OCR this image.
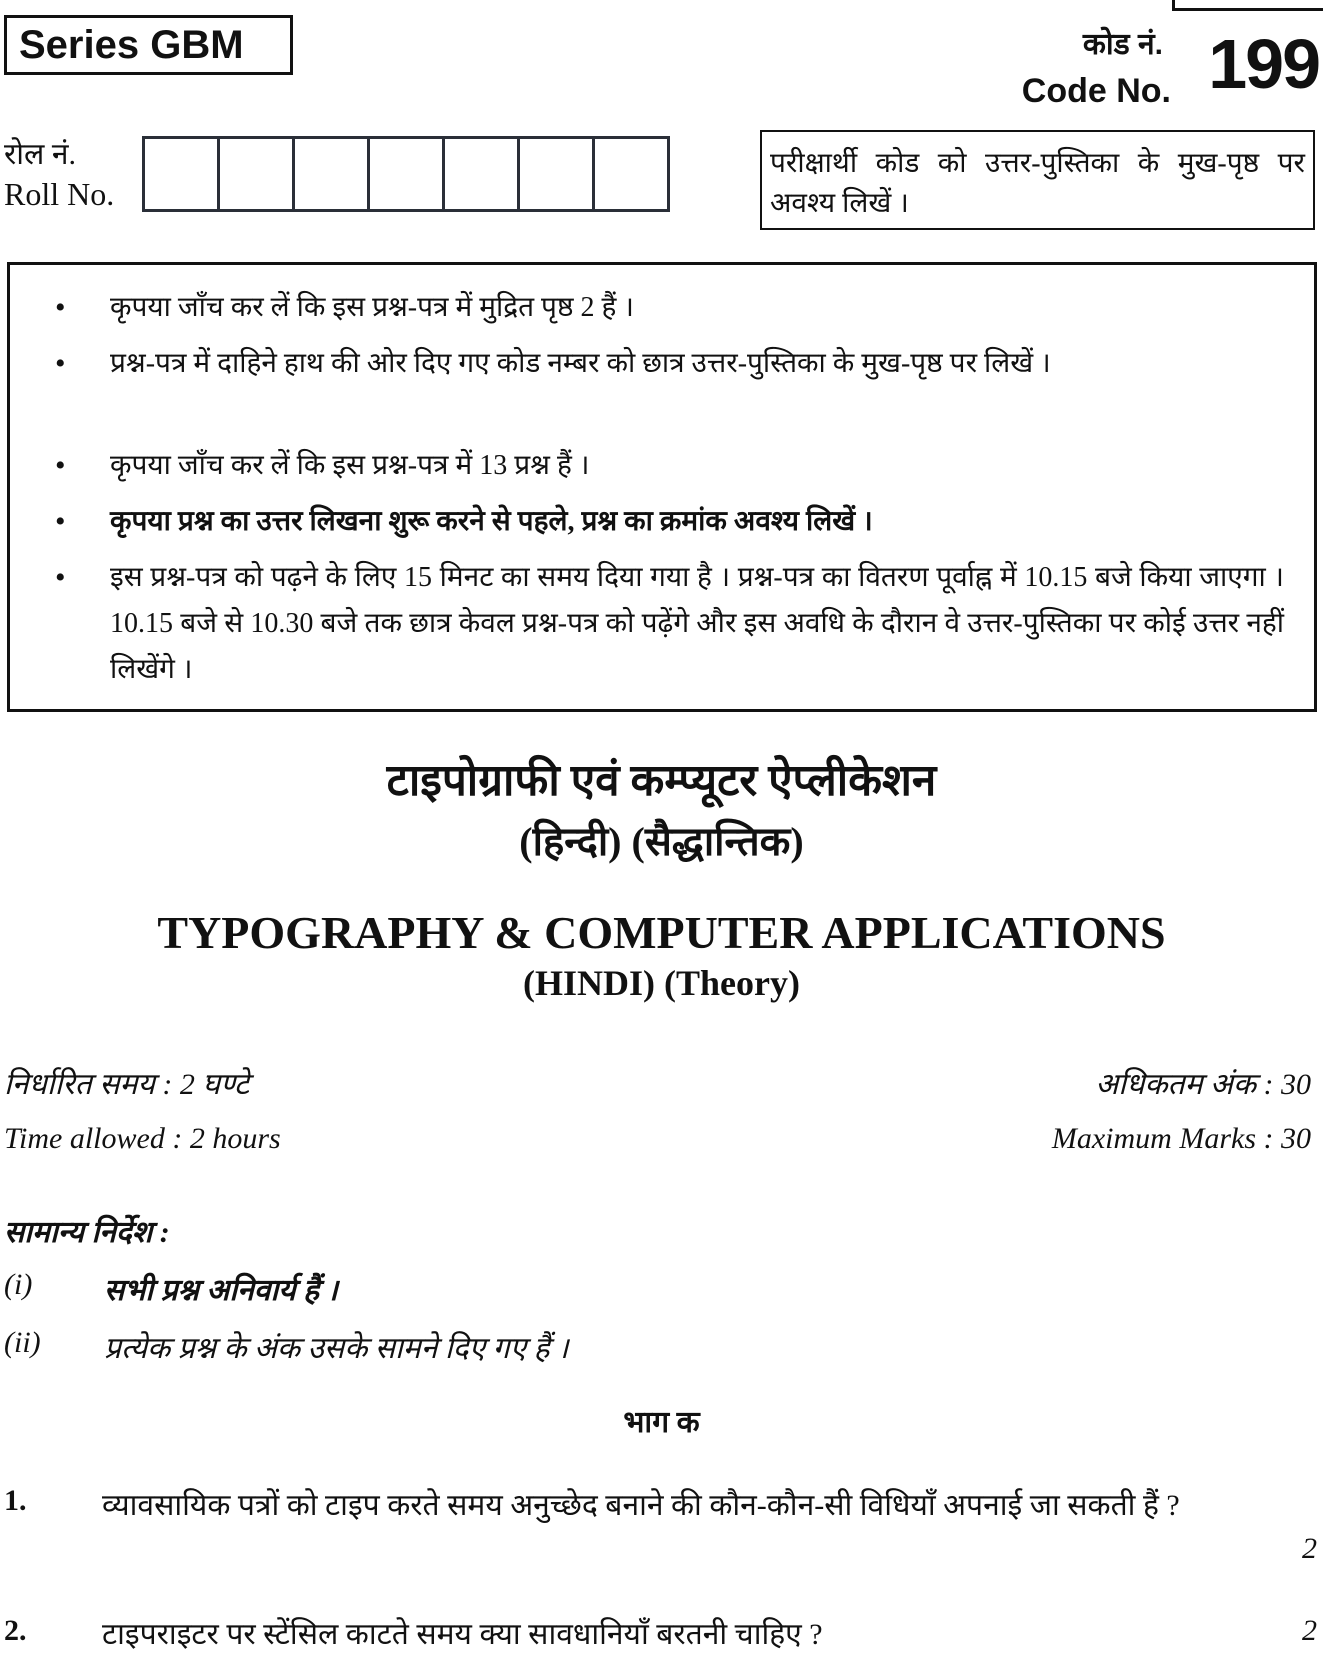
Series GBM	कोड नं.
Code No. 199
रोल नं.
Roll No.
परीक्षार्थी कोड को उत्तर-पुस्तिका के मुख-पृष्ठ पर अवश्य लिखें ।
• कृपया जाँच कर लें कि इस प्रश्न-पत्र में मुद्रित पृष्ठ 2 हैं ।
• प्रश्न-पत्र में दाहिने हाथ की ओर दिए गए कोड नम्बर को छात्र उत्तर-पुस्तिका के मुख-पृष्ठ पर लिखें ।
• कृपया जाँच कर लें कि इस प्रश्न-पत्र में 13 प्रश्न हैं ।
• कृपया प्रश्न का उत्तर लिखना शुरू करने से पहले, प्रश्न का क्रमांक अवश्य लिखें ।
• इस प्रश्न-पत्र को पढ़ने के लिए 15 मिनट का समय दिया गया है । प्रश्न-पत्र का वितरण पूर्वाह्न में 10.15 बजे किया जाएगा । 10.15 बजे से 10.30 बजे तक छात्र केवल प्रश्न-पत्र को पढ़ेंगे और इस अवधि के दौरान वे उत्तर-पुस्तिका पर कोई उत्तर नहीं लिखेंगे ।
टाइपोग्राफी एवं कम्प्यूटर ऐप्लीकेशन
(हिन्दी) (सैद्धान्तिक)
TYPOGRAPHY & COMPUTER APPLICATIONS
(HINDI) (Theory)
निर्धारित समय : 2 घण्टे	अधिकतम अंक : 30
Time allowed : 2 hours	Maximum Marks : 30
सामान्य निर्देश :
(i) सभी प्रश्न अनिवार्य हैं ।
(ii) प्रत्येक प्रश्न के अंक उसके सामने दिए गए हैं ।
भाग क
1.	व्यावसायिक पत्रों को टाइप करते समय अनुच्छेद बनाने की कौन-कौन-सी विधियाँ अपनाई जा सकती हैं ?
2
2.	टाइपराइटर पर स्टेंसिल काटते समय क्या सावधानियाँ बरतनी चाहिए ?	2
